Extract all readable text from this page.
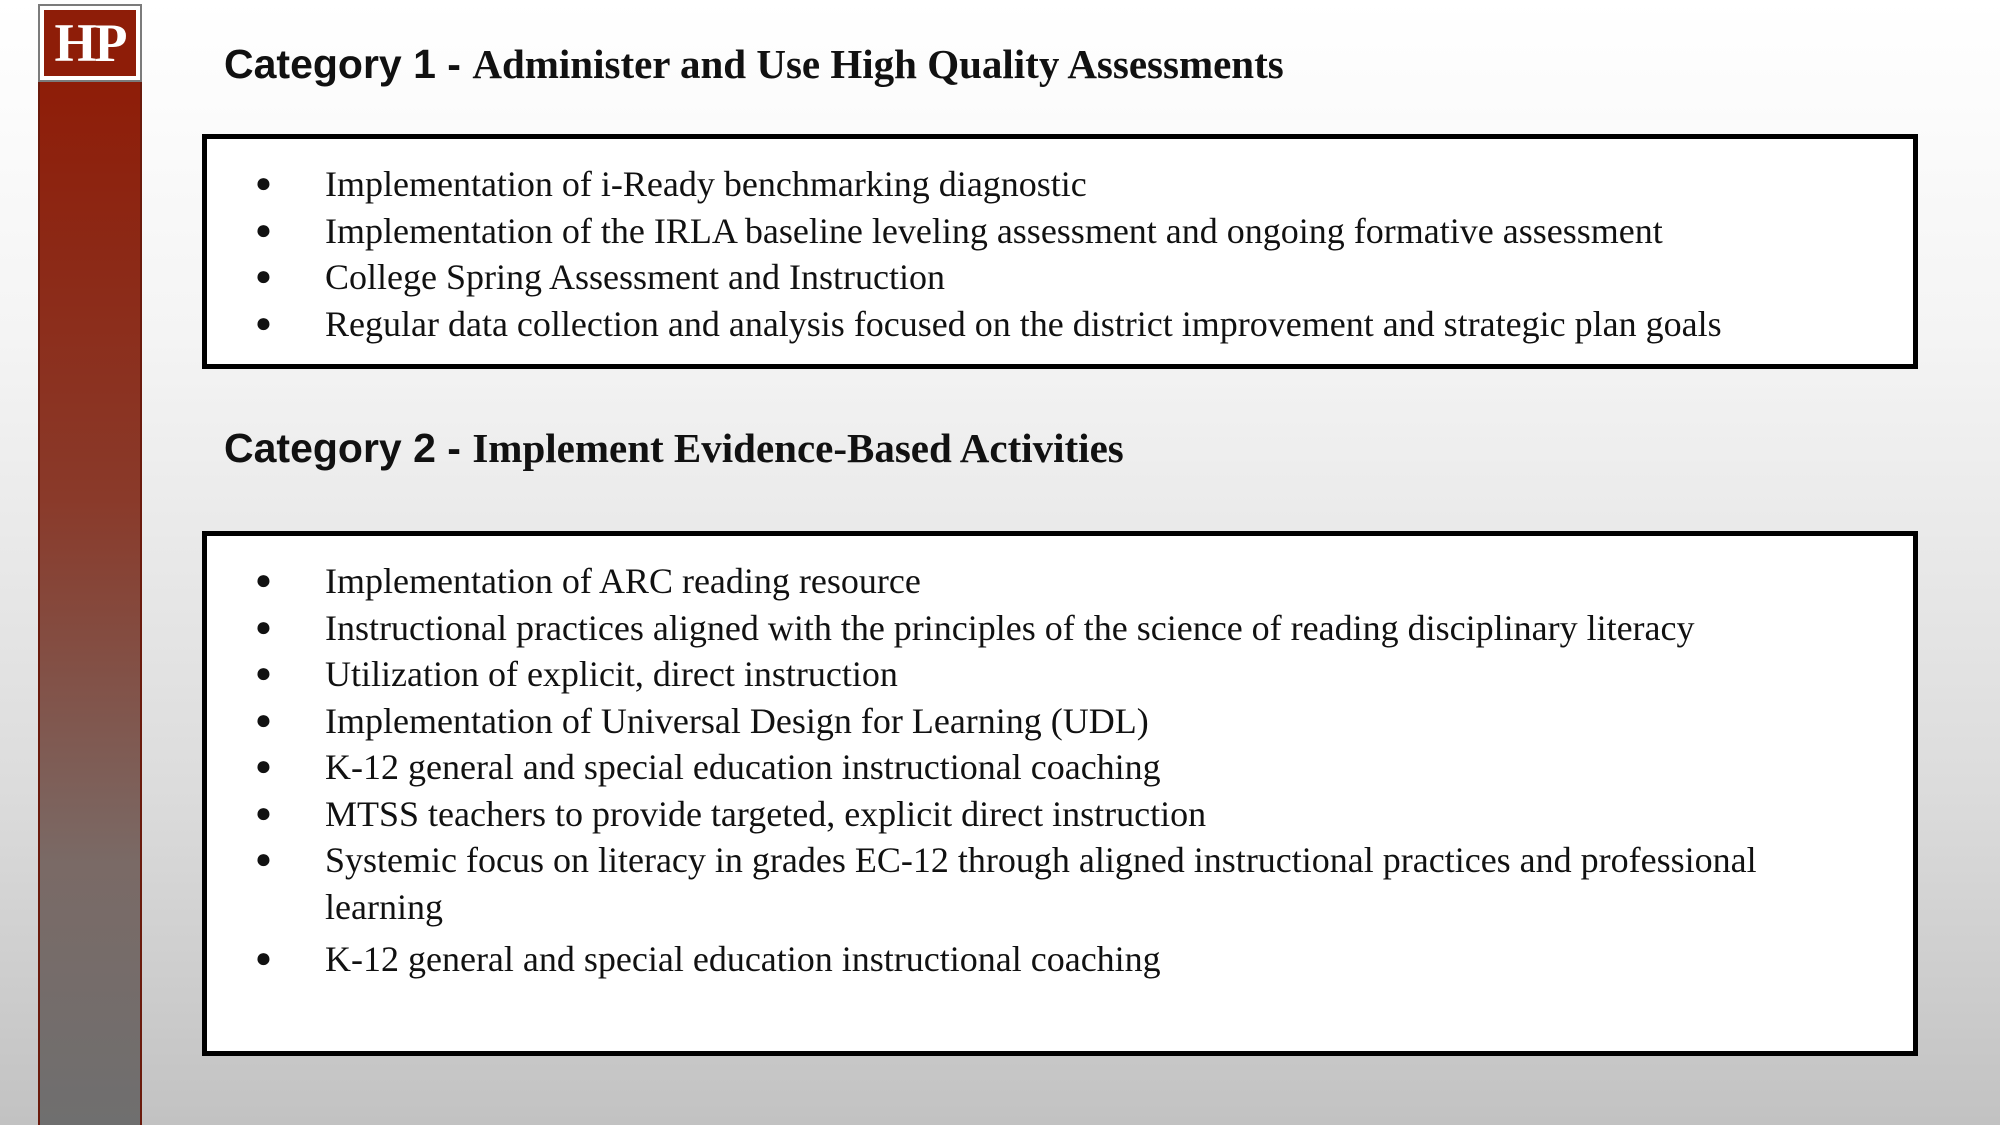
HP Category 1 - Administer and Use High Quality Assessments
● Implementation of i-Ready benchmarking diagnostic
● Implementation of the IRLA baseline leveling assessment and ongoing formative assessment
● College Spring Assessment and Instruction
● Regular data collection and analysis focused on the district improvement and strategic plan goals
Category 2 - Implement Evidence-Based Activities
● Implementation of ARC reading resource
● Instructional practices aligned with the principles of the science of reading disciplinary literacy
● Utilization of explicit, direct instruction
● Implementation of Universal Design for Learning (UDL)
● K-12 general and special education instructional coaching
● MTSS teachers to provide targeted, explicit direct instruction
● Systemic focus on literacy in grades EC-12 through aligned instructional practices and professional learning
● K-12 general and special education instructional coaching
